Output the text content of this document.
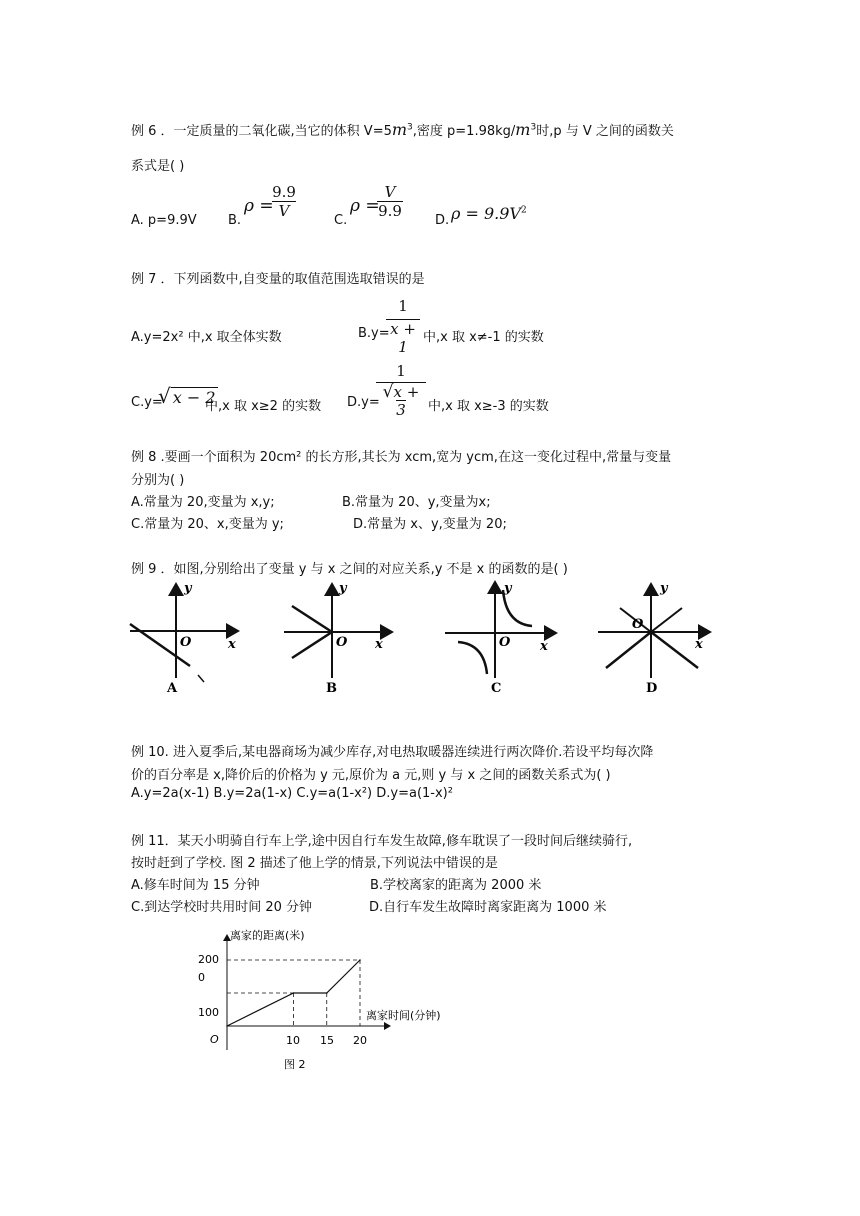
例 6 ．一定质量的二氧化碳,当它的体积 $V=5m^3$,密度 $p=1.98kg/m^3$时,p 与 V 之间的函数关
系式是( )
A. p=9.9V B.
ρ =
9.9
V
C.
ρ =
V
9.9
D. $\rho = 9.9V^2$
例 7 ．下列函数中,自变量的取值范围选取错误的是
A.y=2x² 中,x 取全体实数	B.y=
1
x + 1
中,x 取 x≠-1 的实数
C.y=
√ x − 2
中,x 取 x≥2 的实数 D.y=
1
√x + 3	中,x 取 x≥-3 的实数
例 8 .要画一个面积为 20cm² 的长方形,其长为 xcm,宽为 ycm,在这一变化过程中,常量与变量
分别为( )
A.常量为 20,变量为 x,y;	B.常量为 20、y,变量为x;
C.常量为 20、x,变量为 y;	D.常量为 x、y,变量为 20;
例 9 ．如图,分别给出了变量 y 与 x 之间的对应关系,y 不是 x 的函数的是( )
y
O	x
A
y
O x
B
y
O x
C
y
O
x
D
例 10. 进入夏季后,某电器商场为减少库存,对电热取暖器连续进行两次降价.若设平均每次降
价的百分率是 x,降价后的价格为 y 元,原价为 a 元,则 y 与 x 之间的函数关系式为( )
A.y=2a(x-1) B.y=2a(1-x) C.y=a(1-x²) D.y=a(1-x)²
例 11．某天小明骑自行车上学,途中因自行车发生故障,修车耽误了一段时间后继续骑行,
按时赶到了学校. 图 2 描述了他上学的情景,下列说法中错误的是
A.修车时间为 15 分钟	B.学校离家的距离为 2000 米
C.到达学校时共用时间 20 分钟	D.自行车发生故障时离家距离为 1000 米
离家的距离(米)
离家时间(分钟)
200
0
100
O	10 15 20
图 2
